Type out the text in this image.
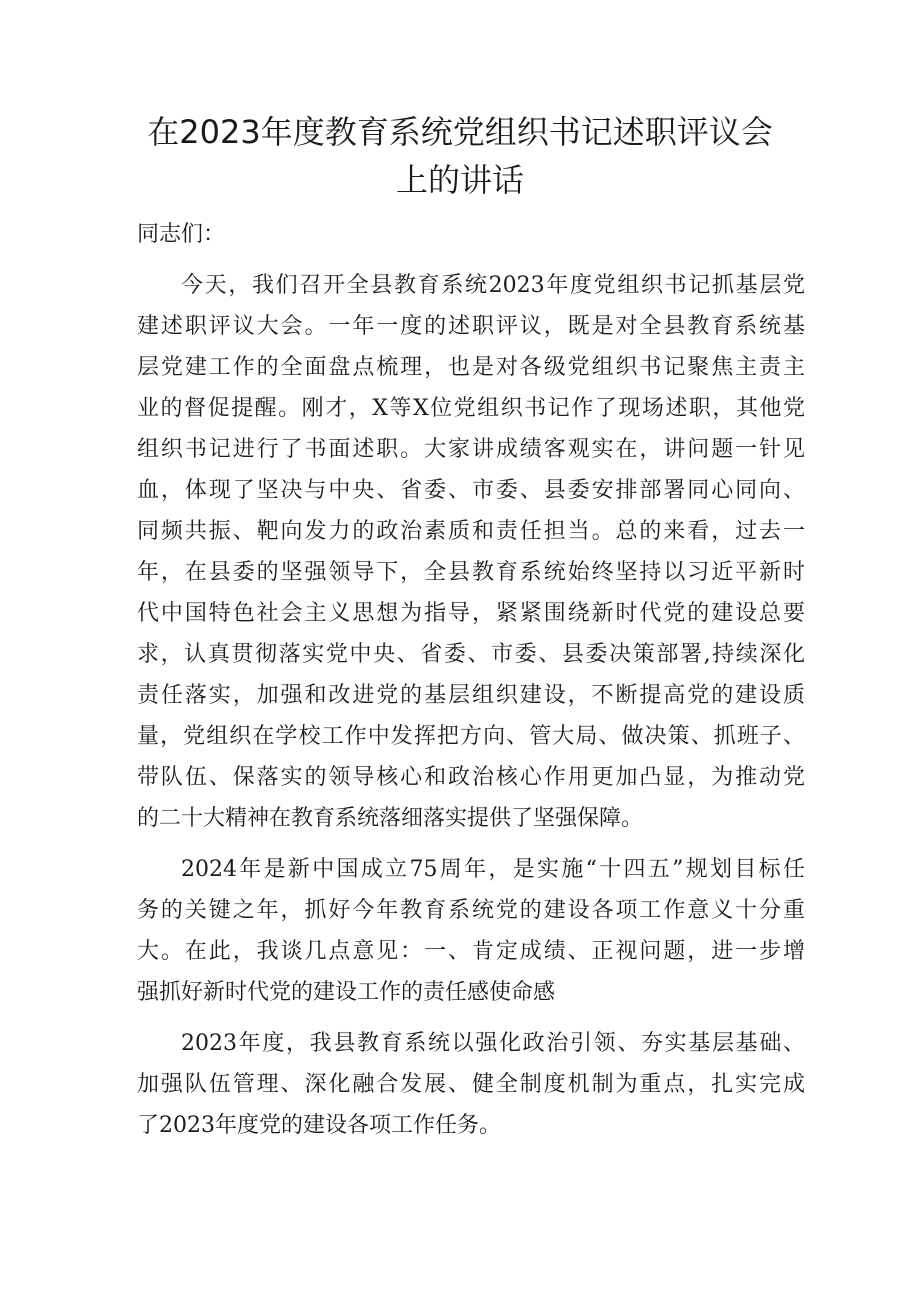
在2023年度教育系统党组织书记述职评议会
上的讲话
同志们：
今天，我们召开全县教育系统2023年度党组织书记抓基层党
建述职评议大会。一年一度的述职评议，既是对全县教育系统基
层党建工作的全面盘点梳理，也是对各级党组织书记聚焦主责主
业的督促提醒。刚才，X等X位党组织书记作了现场述职，其他党
组织书记进行了书面述职。大家讲成绩客观实在，讲问题一针见
血，体现了坚决与中央、省委、市委、县委安排部署同心同向、
同频共振、靶向发力的政治素质和责任担当。总的来看，过去一
年，在县委的坚强领导下，全县教育系统始终坚持以习近平新时
代中国特色社会主义思想为指导，紧紧围绕新时代党的建设总要
求，认真贯彻落实党中央、省委、市委、县委决策部署,持续深化
责任落实，加强和改进党的基层组织建设，不断提高党的建设质
量，党组织在学校工作中发挥把方向、管大局、做决策、抓班子、
带队伍、保落实的领导核心和政治核心作用更加凸显，为推动党
的二十大精神在教育系统落细落实提供了坚强保障。
2024年是新中国成立75周年，是实施“十四五”规划目标任
务的关键之年，抓好今年教育系统党的建设各项工作意义十分重
大。在此，我谈几点意见：一、肯定成绩、正视问题，进一步增
强抓好新时代党的建设工作的责任感使命感
2023年度，我县教育系统以强化政治引领、夯实基层基础、
加强队伍管理、深化融合发展、健全制度机制为重点，扎实完成
了2023年度党的建设各项工作任务。
